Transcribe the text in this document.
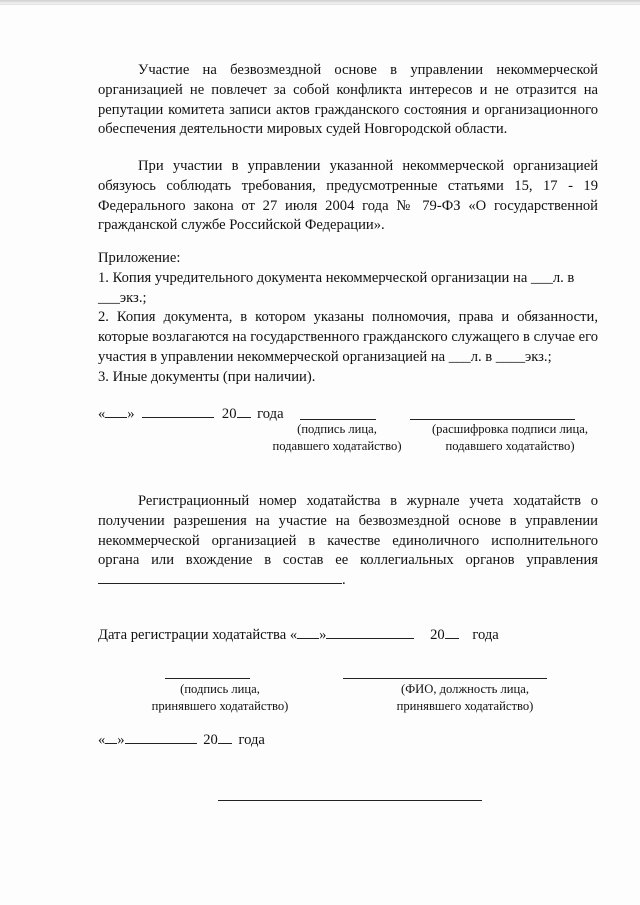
Участие на безвозмездной основе в управлении некоммерческой организацией не повлечет за собой конфликта интересов и не отразится на репутации комитета записи актов гражданского состояния и организационного обеспечения деятельности мировых судей Новгородской области.
При участии в управлении указанной некоммерческой организацией обязуюсь соблюдать требования, предусмотренные статьями 15, 17 - 19 Федерального закона от 27 июля 2004 года № 79-ФЗ «О государственной гражданской службе Российской Федерации».
Приложение:
1. Копия учредительного документа некоммерческой организации на ___л. в
___экз.;
2. Копия документа, в котором указаны полномочия, права и обязанности, которые возлагаются на государственного гражданского служащего в случае его участия в управлении некоммерческой организацией на ___л. в ____экз.;
3. Иные документы (при наличии).
« »	20 года
(подпись лица,
подавшего ходатайство)
(расшифровка подписи лица,
подавшего ходатайство)
Регистрационный номер ходатайства в журнале учета ходатайств о получении разрешения на участие на безвозмездной основе в управлении некоммерческой организацией в качестве единоличного исполнительного органа или вхождение в состав ее коллегиальных органов управления .
Дата регистрации ходатайства « »	20 года
(подпись лица,
принявшего ходатайство)
(ФИО, должность лица,
принявшего ходатайство)
« »	20 года
